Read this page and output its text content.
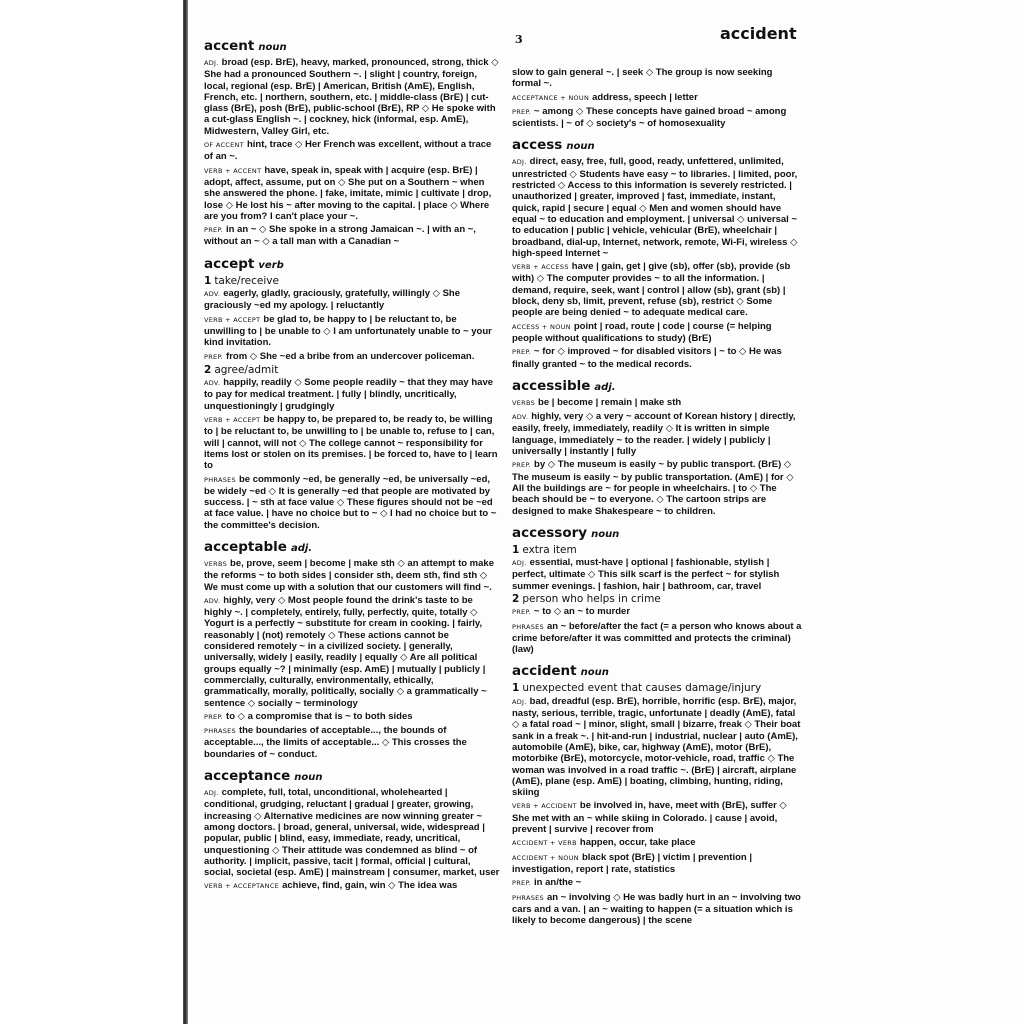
3	accident
accent noun
ADJ. broad (esp. BrE), heavy, marked, pronounced, strong, thick ◇ She had a pronounced Southern ~. | slight | country, foreign, local, regional (esp. BrE) | American, British (AmE), English, French, etc. | northern, southern, etc. | middle-class (BrE) | cut-glass (BrE), posh (BrE), public-school (BrE), RP ◇ He spoke with a cut-glass English ~. | cockney, hick (informal, esp. AmE), Midwestern, Valley Girl, etc.
OF ACCENT hint, trace ◇ Her French was excellent, without a trace of an ~.
VERB + ACCENT have, speak in, speak with | acquire (esp. BrE) | adopt, affect, assume, put on ◇ She put on a Southern ~ when she answered the phone. | fake, imitate, mimic | cultivate | drop, lose ◇ He lost his ~ after moving to the capital. | place ◇ Where are you from? I can't place your ~.
PREP. in an ~ ◇ She spoke in a strong Jamaican ~. | with an ~, without an ~ ◇ a tall man with a Canadian ~
accept verb
1 take/receive
ADV. eagerly, gladly, graciously, gratefully, willingly ◇ She graciously ~ed my apology. | reluctantly
VERB + ACCEPT be glad to, be happy to | be reluctant to, be unwilling to | be unable to ◇ I am unfortunately unable to ~ your kind invitation.
PREP. from ◇ She ~ed a bribe from an undercover policeman.
2 agree/admit
ADV. happily, readily ◇ Some people readily ~ that they may have to pay for medical treatment. | fully | blindly, uncritically, unquestioningly | grudgingly
VERB + ACCEPT be happy to, be prepared to, be ready to, be willing to | be reluctant to, be unwilling to | be unable to, refuse to | can, will | cannot, will not ◇ The college cannot ~ responsibility for items lost or stolen on its premises. | be forced to, have to | learn to
PHRASES be commonly ~ed, be generally ~ed, be universally ~ed, be widely ~ed ◇ It is generally ~ed that people are motivated by success. | ~ sth at face value ◇ These figures should not be ~ed at face value. | have no choice but to ~ ◇ I had no choice but to ~ the committee's decision.
acceptable adj.
VERBS be, prove, seem | become | make sth ◇ an attempt to make the reforms ~ to both sides | consider sth, deem sth, find sth ◇ We must come up with a solution that our customers will find ~.
ADV. highly, very ◇ Most people found the drink's taste to be highly ~. | completely, entirely, fully, perfectly, quite, totally ◇ Yogurt is a perfectly ~ substitute for cream in cooking. | fairly, reasonably | (not) remotely ◇ These actions cannot be considered remotely ~ in a civilized society. | generally, universally, widely | easily, readily | equally ◇ Are all political groups equally ~? | minimally (esp. AmE) | mutually | publicly | commercially, culturally, environmentally, ethically, grammatically, morally, politically, socially ◇ a grammatically ~ sentence ◇ socially ~ terminology
PREP. to ◇ a compromise that is ~ to both sides
PHRASES the boundaries of acceptable..., the bounds of acceptable..., the limits of acceptable... ◇ This crosses the boundaries of ~ conduct.
acceptance noun
ADJ. complete, full, total, unconditional, wholehearted | conditional, grudging, reluctant | gradual | greater, growing, increasing ◇ Alternative medicines are now winning greater ~ among doctors. | broad, general, universal, wide, widespread | popular, public | blind, easy, immediate, ready, uncritical, unquestioning ◇ Their attitude was condemned as blind ~ of authority. | implicit, passive, tacit | formal, official | cultural, social, societal (esp. AmE) | mainstream | consumer, market, user
VERB + ACCEPTANCE achieve, find, gain, win ◇ The idea was
slow to gain general ~. | seek ◇ The group is now seeking formal ~.
ACCEPTANCE + NOUN address, speech | letter
PREP. ~ among ◇ These concepts have gained broad ~ among scientists. | ~ of ◇ society's ~ of homosexuality
access noun
ADJ. direct, easy, free, full, good, ready, unfettered, unlimited, unrestricted ◇ Students have easy ~ to libraries. | limited, poor, restricted ◇ Access to this information is severely restricted. | unauthorized | greater, improved | fast, immediate, instant, quick, rapid | secure | equal ◇ Men and women should have equal ~ to education and employment. | universal ◇ universal ~ to education | public | vehicle, vehicular (BrE), wheelchair | broadband, dial-up, Internet, network, remote, Wi-Fi, wireless ◇ high-speed Internet ~
VERB + ACCESS have | gain, get | give (sb), offer (sb), provide (sb with) ◇ The computer provides ~ to all the information. | demand, require, seek, want | control | allow (sb), grant (sb) | block, deny sb, limit, prevent, refuse (sb), restrict ◇ Some people are being denied ~ to adequate medical care.
ACCESS + NOUN point | road, route | code | course (= helping people without qualifications to study) (BrE)
PREP. ~ for ◇ improved ~ for disabled visitors | ~ to ◇ He was finally granted ~ to the medical records.
accessible adj.
VERBS be | become | remain | make sth
ADV. highly, very ◇ a very ~ account of Korean history | directly, easily, freely, immediately, readily ◇ It is written in simple language, immediately ~ to the reader. | widely | publicly | universally | instantly | fully
PREP. by ◇ The museum is easily ~ by public transport. (BrE) ◇ The museum is easily ~ by public transportation. (AmE) | for ◇ All the buildings are ~ for people in wheelchairs. | to ◇ The beach should be ~ to everyone. ◇ The cartoon strips are designed to make Shakespeare ~ to children.
accessory noun
1 extra item
ADJ. essential, must-have | optional | fashionable, stylish | perfect, ultimate ◇ This silk scarf is the perfect ~ for stylish summer evenings. | fashion, hair | bathroom, car, travel
2 person who helps in crime
PREP. ~ to ◇ an ~ to murder
PHRASES an ~ before/after the fact (= a person who knows about a crime before/after it was committed and protects the criminal) (law)
accident noun
1 unexpected event that causes damage/injury
ADJ. bad, dreadful (esp. BrE), horrible, horrific (esp. BrE), major, nasty, serious, terrible, tragic, unfortunate | deadly (AmE), fatal ◇ a fatal road ~ | minor, slight, small | bizarre, freak ◇ Their boat sank in a freak ~. | hit-and-run | industrial, nuclear | auto (AmE), automobile (AmE), bike, car, highway (AmE), motor (BrE), motorbike (BrE), motorcycle, motor-vehicle, road, traffic ◇ The woman was involved in a road traffic ~. (BrE) | aircraft, airplane (AmE), plane (esp. AmE) | boating, climbing, hunting, riding, skiing
VERB + ACCIDENT be involved in, have, meet with (BrE), suffer ◇ She met with an ~ while skiing in Colorado. | cause | avoid, prevent | survive | recover from
ACCIDENT + VERB happen, occur, take place
ACCIDENT + NOUN black spot (BrE) | victim | prevention | investigation, report | rate, statistics
PREP. in an/the ~
PHRASES an ~ involving ◇ He was badly hurt in an ~ involving two cars and a van. | an ~ waiting to happen (= a situation which is likely to become dangerous) | the scene
